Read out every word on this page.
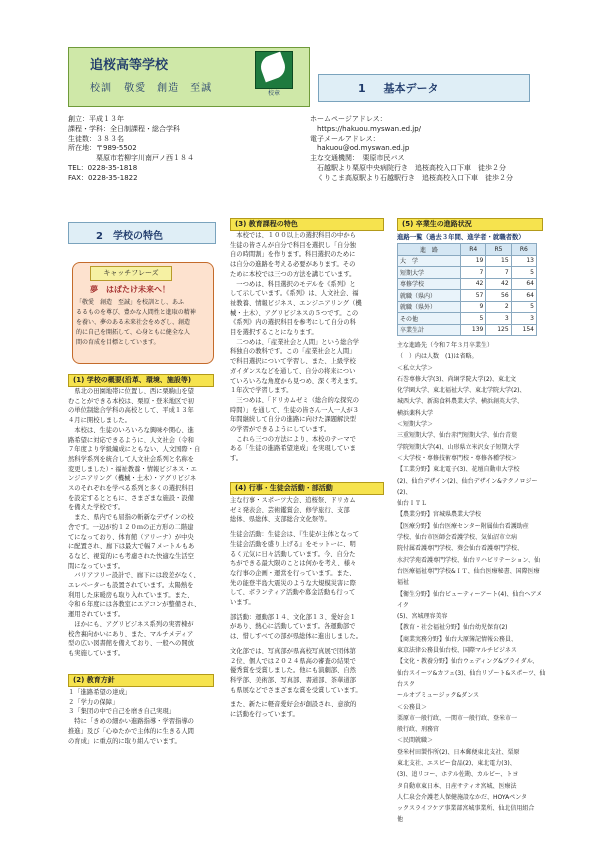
追桜高等学校
校訓 敬愛　創造　至誠	校章	1 基本データ
創立：平成１３年
課程・学科：全日制課程・総合学科
生徒数：３８３名
所在地：〒989-5502
　　　　栗原市若柳字川南戸ノ西１８４
TEL：0228-35-1818
FAX：0228-35-1822
ホームページアドレス：
　https://hakuou.myswan.ed.jp/
電子メールアドレス：
　hakuou@od.myswan.ed.jp
主な交通機関：　栗原市民バス
　石越駅より栗原中央病院行き　追桜高校入口下車　徒歩２分
　くりこま高原駅より石越駅行き　追桜高校入口下車　徒歩２分
2　学校の特色
キャッチフレーズ
夢　はばたけ未来へ！
「敬愛　創造　至誠」を校訓とし、あふ
るるものを尊び、豊かな人間性と進取の精神
を養い、夢のある未来社会をめざし、創造
的に自己を開拓して、心身ともに健全な人
間の育成を目標としています。
(1) 学校の概要(沿革、環境、施設等)
　県北の田園地帯に位置し、西に栗駒山を望
むことができる本校は、栗原・登米地区で初
の単位制総合学科の高校として、平成１３年
４月に開校しました。
　本校は、生徒のいろいろな興味や関心、進
路希望に対応できるように、人文社会（令和
７年度より学級編成にともない、人文国際・自
然科学系列を統合して人文社会系列と名称を
変更しました）・福祉教養・情報ビジネス・エ
ンジニアリング（機械・土木）・アグリビジネ
スのそれぞれを学べる系列と多くの選択科目
を設定するとともに、さまざまな施設・設備
を備えた学校です。
　また、県内でも屈指の斬新なデザインの校
舎です。一辺が約１２０ｍの正方形の二階建
てになっており、体育館（アリーナ）が中央
に配置され、廊下は最大で幅７メートルもあ
るなど、視覚的にも考慮された快適な生活空
間になっています。
　バリアフリー設計で、廊下には段差がなく、
エレベーターも設置されています。太陽熱を
利用した床暖房も取り入れています。また、
令和６年度には各教室にエアコンが整備され、
運用されています。
　ほかにも、アグリビジネス系列の実習棟が
校舎裏向かいにあり、また、マルチメディア
型の広い図書館を備えており、一般への開放
も実施しています。
(2) 教育方針
１「進路希望の達成」
２「学力の保障」
３「集団の中で自己を磨き自己実現」
　特に「きめの細かい進路指導・学習指導の
推進」及び「心ゆたかで主体的に生きる人間
の育成」に重点的に取り組んでいます。
(3) 教育課程の特色
　本校では、１００以上の選択科目の中から
生徒の皆さんが自分で科目を選択し「自分独
自の時間割」を作ります。科目選択のために
は自分の進路を考える必要があります。その
ために本校では三つの方法を講じています。
　一つめは、科目選択のモデルを《系列》と
して示しています。《系列》は、人文社会、福
祉教養、情報ビジネス、エンジニアリング（機
械・土木）、アグリビジネスの５つです。この
《系列》内の選択科目を参考にして自分の科
目を選択することになります。
　二つめは、「産業社会と人間」という総合学
科独自の教科です。この「産業社会と人間」
で科目選択について学習し、また、上級学校
ガイダンスなどを通して、自分の将来につい
ていろいろな角度から見つめ、深く考えます。
１年次で学習します。
　三つめは、「ドリカムゼミ（総合的な探究の
時間）」を通して、生徒の皆さん一人一人が３
年間継続して自分の進路に向けた課題解決型
の学習ができるようにしています。
　これら三つの方法により、本校のテーマで
ある「生徒の進路希望達成」を実現していま
す。
(4) 行事・生徒会活動・部活動
主な行事・スポーツ大会、追桜祭、ドリカム
ゼミ発表会、芸術鑑賞会、修学旅行、支部
総体、県総体、支部総合文化祭等。
生徒会活動：生徒会は、『生徒が主体となって
生徒会活動を盛り上げる』をモットーに、明
るく元気に日々活動しています。今、自分た
ちができる最大限のことは何かを考え、様々
な行事の企画・運営を行っています。また、
先の能登半島大震災のような大規模災害に際
して、ボランティア活動や募金活動も行って
います。
部活動：運動部１４、文化部１３、愛好会１
があり、熱心に活動しています。各運動部で
は、惜しすべての部が県総体に進出しました。
文化部では、写真部が県高校写真展で団体第
２位、個人では２０２４県高の審査の結果で
優秀賞を受賞しました。他にも演劇部、自然
科学部、美術部、写真部、書道部、茶華道部
も県展などでさまざまな賞を受賞しています。
また、新たに軽音愛好会が創設され、意欲的
に活動を行っています。
(5) 卒業生の進路状況
進路一覧（過去３年間、進学者・就職者数）
進　路	R4	R5	R6
大　学	19	15	13
短期大学	7	7	5
専修学校	42	42	64
就職（県内）	57	56	64
就職（県外）	9	2	5
その他	5	3	3
卒業生計	139	125	154
主な進路先（令和７年３月卒業生）
（　）内は人数　(1)は省略。
＜私立大学＞
石巻専修大学(3)、尚絅学院大学(2)、東北文
化学園大学、東北福祉大学、東北学院大学(2)、
城西大学、新潟食料農業大学、横浜創英大学、
横浜薬科大学
＜短期大学＞
三重短期大学、仙台赤門短期大学、仙台青葉
学院短期大学(4)、山形県立米沢女子短期大学
＜大学校・専修技術専門校・専修各種学校＞
【工業分野】東北電子(3)、花壇自動車大学校
(2)、仙台デザイン(2)、仙台デザイン&テクノロジー(2)、
仙台ＩＴＬ
【農業分野】宮城県農業大学校
【医療分野】仙台医療センター附属仙台看護助産
学校、仙台市医師会看護学校、気仙沼市立病
院付属看護専門学校、葵会仙台看護専門学校、
水沢学苑看護専門学校、仙台リハビリテーション、仙
台医療福祉専門学校&ＩＴ、仙台医療秘書、国際医療
福祉
【衛生分野】仙台ビューティーアート(4)、仙台ヘアメイク
(5)、宮城理容美容
【教育・社会福祉分野】仙台幼児保育(2)
【商業実務分野】仙台大原簿記情報公務員、
東京法律公務員仙台校、国際マルチビジネス
【文化・教養分野】仙台ウェディング&ブライダル、
仙台スイーツ&カフェ(3)、仙台リゾート&スポーツ、仙台スク
ールオブミュージック&ダンス
＜公務員＞
栗原市一般行政、一関市一般行政、登米市一
般行政、刑務官
＜民間就職＞
登米村田製作所(2)、日本郵便東北支社、栗原
東北支社、エスピー食品(2)、東北電力(3)、
(3)、追リコー、ホテル佐勘、カルビー、トヨ
タ自動車東日本、日産サティオ宮城、医療法
人仁泉会介護老人保健施設なかだ、HOYAペンタ
ックスライフケア事業部宮城事業所、仙北信用組合
他
